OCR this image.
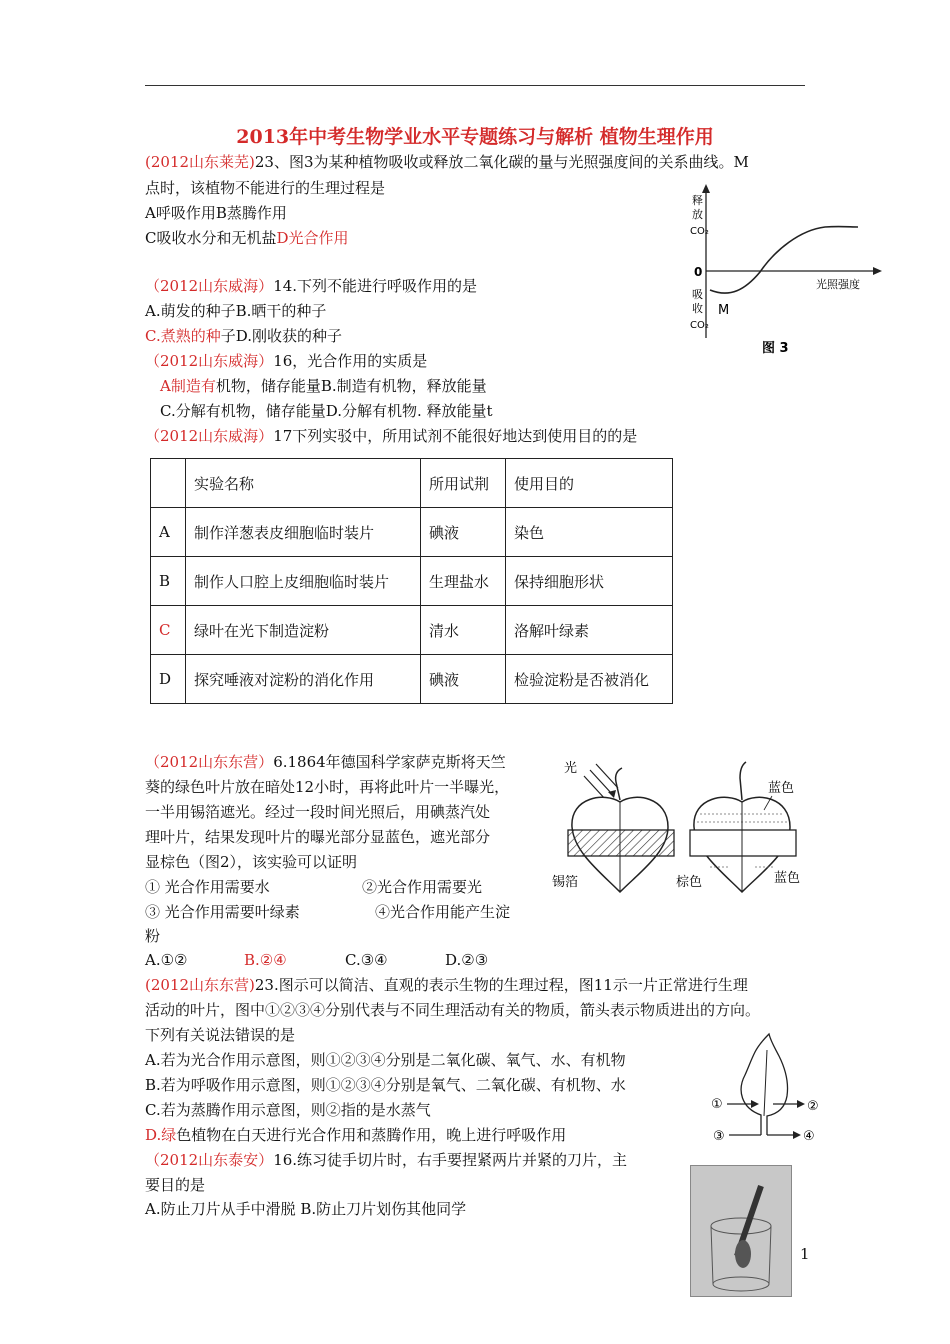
2013年中考生物学业水平专题练习与解析 植物生理作用
(2012山东莱芜)23、图3为某种植物吸收或释放二氧化碳的量与光照强度间的关系曲线。M
点时，该植物不能进行的生理过程是
A呼吸作用B蒸腾作用
C吸收水分和无机盐D光合作用
释
放
CO₂
0
光照强度
吸
收
CO₂
M
图 3
（2012山东威海）14.下列不能进行呼吸作用的是
A.萌发的种子B.晒干的种子
C.煮熟的种子D.刚收获的种子
（2012山东威海）16，光合作用的实质是
A制造有机物，储存能量B.制造有机物，释放能量
C.分解有机物，储存能量D.分解有机物. 释放能量t
（2012山东威海）17下列实驳中，所用试剂不能很好地达到使用目的的是
	实验名称	所用试荆	使用目的
A	制作洋葱表皮细胞临时装片	碘液	染色
B	制作人口腔上皮细胞临时装片	生理盐水	保持细胞形状
C	绿叶在光下制造淀粉	清水	洛解叶绿素
D	探究唾液对淀粉的消化作用	碘液	检验淀粉是否被消化
（2012山东东营）6.1864年德国科学家萨克斯将天竺
葵的绿色叶片放在暗处12小时，再将此叶片一半曝光，
一半用锡箔遮光。经过一段时间光照后，用碘蒸汽处
理叶片，结果发现叶片的曝光部分显蓝色，遮光部分
显棕色（图2），该实验可以证明
① 光合作用需要水	②光合作用需要光
③ 光合作用需要叶绿素	④光合作用能产生淀
粉
A.①②	B.②④	C.③④	D.②③
光
锡箔
蓝色
棕色	蓝色
(2012山东东营)23.图示可以简洁、直观的表示生物的生理过程，图11示一片正常进行生理
活动的叶片，图中①②③④分别代表与不同生理活动有关的物质，箭头表示物质进出的方向。
下列有关说法错误的是
A.若为光合作用示意图，则①②③④分别是二氧化碳、氧气、水、有机物
B.若为呼吸作用示意图，则①②③④分别是氧气、二氧化碳、有机物、水
C.若为蒸腾作用示意图，则②指的是水蒸气
D.绿色植物在白天进行光合作用和蒸腾作用，晚上进行呼吸作用
①	②
③	④
（2012山东泰安）16.练习徒手切片时，右手要捏紧两片并紧的刀片，主
要目的是
A.防止刀片从手中滑脱 B.防止刀片划伤其他同学
1
